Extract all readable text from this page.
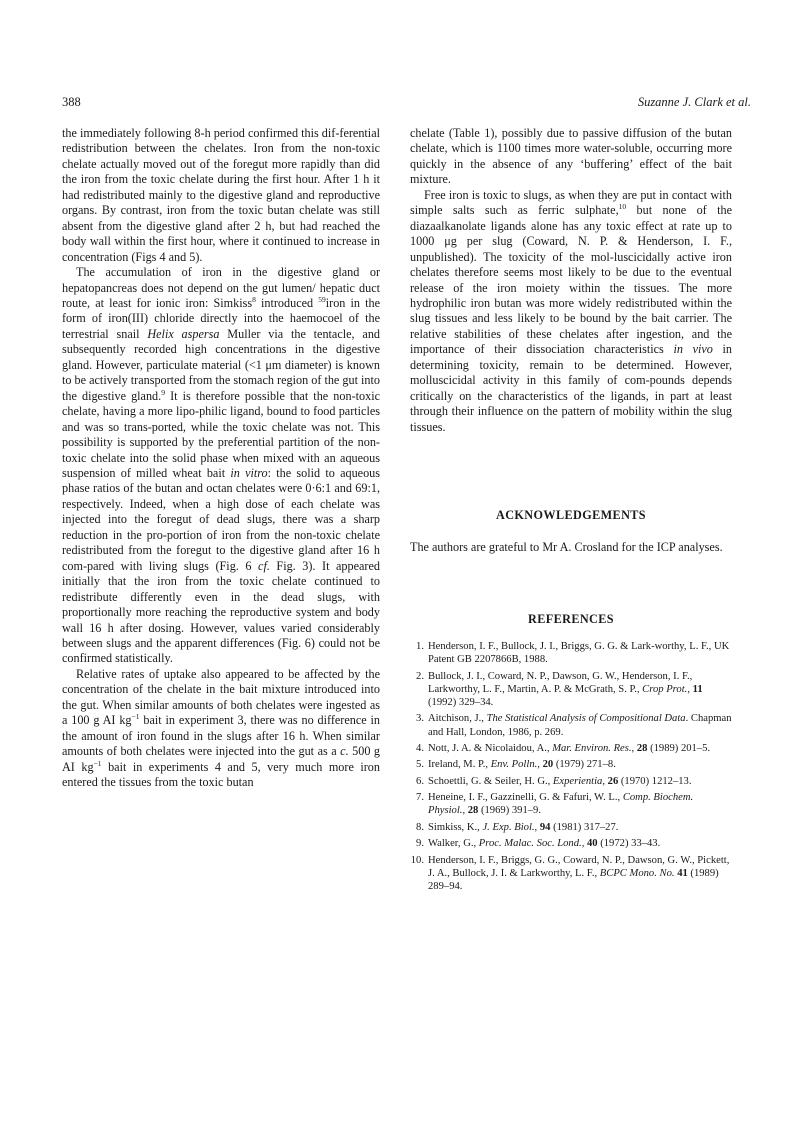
388	Suzanne J. Clark et al.

the immediately following 8-h period confirmed this dif-ferential redistribution between the chelates. Iron from the non-toxic chelate actually moved out of the foregut more rapidly than did the iron from the toxic chelate during the first hour. After 1 h it had redistributed mainly to the digestive gland and reproductive organs. By contrast, iron from the toxic butan chelate was still absent from the digestive gland after 2 h, but had reached the body wall within the first hour, where it continued to increase in concentration (Figs 4 and 5).

The accumulation of iron in the digestive gland or hepatopancreas does not depend on the gut lumen/ hepatic duct route, at least for ionic iron: Simkiss$^8$ introduced $^{59}$iron in the form of iron(III) chloride directly into the haemocoel of the terrestrial snail Helix aspersa Muller via the tentacle, and subsequently recorded high concentrations in the digestive gland. However, particulate material (<1 μm diameter) is known to be actively transported from the stomach region of the gut into the digestive gland.$^9$ It is therefore possible that the non-toxic chelate, having a more lipo-philic ligand, bound to food particles and was so trans-ported, while the toxic chelate was not. This possibility is supported by the preferential partition of the non-toxic chelate into the solid phase when mixed with an aqueous suspension of milled wheat bait in vitro: the solid to aqueous phase ratios of the butan and octan chelates were 0·6:1 and 69:1, respectively. Indeed, when a high dose of each chelate was injected into the foregut of dead slugs, there was a sharp reduction in the pro-portion of iron from the non-toxic chelate redistributed from the foregut to the digestive gland after 16 h com-pared with living slugs (Fig. 6 cf. Fig. 3). It appeared initially that the iron from the toxic chelate continued to redistribute differently even in the dead slugs, with proportionally more reaching the reproductive system and body wall 16 h after dosing. However, values varied considerably between slugs and the apparent differences (Fig. 6) could not be confirmed statistically.

Relative rates of uptake also appeared to be affected by the concentration of the chelate in the bait mixture introduced into the gut. When similar amounts of both chelates were ingested as a 100 g AI $kg^{-1}$ bait in experiment 3, there was no difference in the amount of iron found in the slugs after 16 h. When similar amounts of both chelates were injected into the gut as a c. 500 g AI $kg^{-1}$ bait in experiments 4 and 5, very much more iron entered the tissues from the toxic butan

chelate (Table 1), possibly due to passive diffusion of the butan chelate, which is 1100 times more water-soluble, occurring more quickly in the absence of any ‘buffering’ effect of the bait mixture.

Free iron is toxic to slugs, as when they are put in contact with simple salts such as ferric sulphate,$^{10}$ but none of the diazaalkanolate ligands alone has any toxic effect at rate up to 1000 μg per slug (Coward, N. P. & Henderson, I. F., unpublished). The toxicity of the mol-luscicidally active iron chelates therefore seems most likely to be due to the eventual release of the iron moiety within the tissues. The more hydrophilic iron butan was more widely redistributed within the slug tissues and less likely to be bound by the bait carrier. The relative stabilities of these chelates after ingestion, and the importance of their dissociation characteristics in vivo in determining toxicity, remain to be determined. However, molluscicidal activity in this family of com-pounds depends critically on the characteristics of the ligands, in part at least through their influence on the pattern of mobility within the slug tissues.

ACKNOWLEDGEMENTS
The authors are grateful to Mr A. Crosland for the ICP analyses.
REFERENCES
1. Henderson, I. F., Bullock, J. I., Briggs, G. G. & Lark-worthy, L. F., UK Patent GB 2207866B, 1988.
2. Bullock, J. I., Coward, N. P., Dawson, G. W., Henderson, I. F., Larkworthy, L. F., Martin, A. P. & McGrath, S. P., Crop Prot., 11 (1992) 329–34.
3. Aitchison, J., The Statistical Analysis of Compositional Data. Chapman and Hall, London, 1986, p. 269.
4. Nott, J. A. & Nicolaidou, A., Mar. Environ. Res., 28 (1989) 201–5.
5. Ireland, M. P., Env. Polln., 20 (1979) 271–8.
6. Schoettli, G. & Seiler, H. G., Experientia, 26 (1970) 1212–13.
7. Heneine, I. F., Gazzinelli, G. & Fafuri, W. L., Comp. Biochem. Physiol., 28 (1969) 391–9.
8. Simkiss, K., J. Exp. Biol., 94 (1981) 317–27.
9. Walker, G., Proc. Malac. Soc. Lond., 40 (1972) 33–43.
10. Henderson, I. F., Briggs, G. G., Coward, N. P., Dawson, G. W., Pickett, J. A., Bullock, J. I. & Larkworthy, L. F., BCPC Mono. No. 41 (1989) 289–94.
